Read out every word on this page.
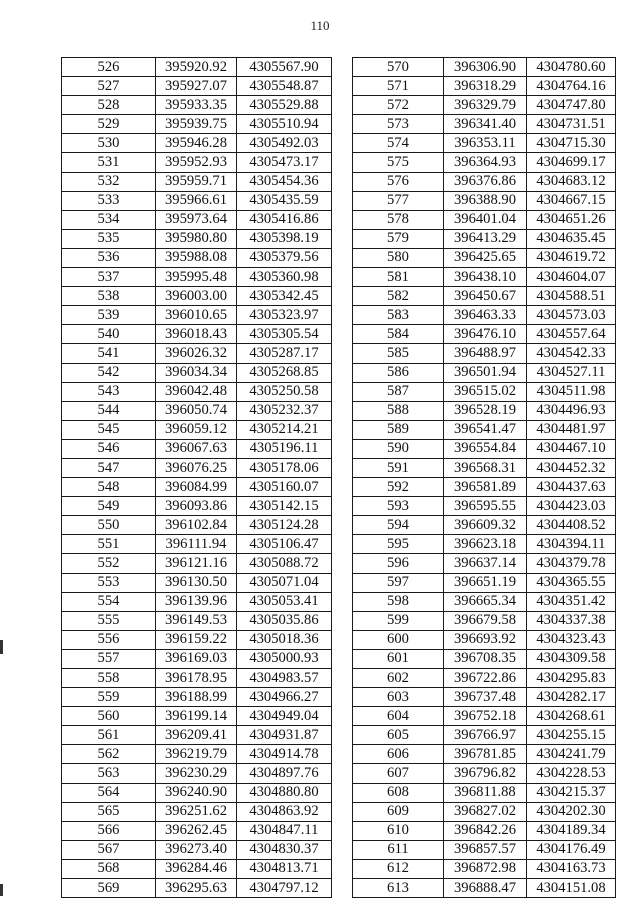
110
526	395920.92	4305567.90
527	395927.07	4305548.87
528	395933.35	4305529.88
529	395939.75	4305510.94
530	395946.28	4305492.03
531	395952.93	4305473.17
532	395959.71	4305454.36
533	395966.61	4305435.59
534	395973.64	4305416.86
535	395980.80	4305398.19
536	395988.08	4305379.56
537	395995.48	4305360.98
538	396003.00	4305342.45
539	396010.65	4305323.97
540	396018.43	4305305.54
541	396026.32	4305287.17
542	396034.34	4305268.85
543	396042.48	4305250.58
544	396050.74	4305232.37
545	396059.12	4305214.21
546	396067.63	4305196.11
547	396076.25	4305178.06
548	396084.99	4305160.07
549	396093.86	4305142.15
550	396102.84	4305124.28
551	396111.94	4305106.47
552	396121.16	4305088.72
553	396130.50	4305071.04
554	396139.96	4305053.41
555	396149.53	4305035.86
556	396159.22	4305018.36
557	396169.03	4305000.93
558	396178.95	4304983.57
559	396188.99	4304966.27
560	396199.14	4304949.04
561	396209.41	4304931.87
562	396219.79	4304914.78
563	396230.29	4304897.76
564	396240.90	4304880.80
565	396251.62	4304863.92
566	396262.45	4304847.11
567	396273.40	4304830.37
568	396284.46	4304813.71
569	396295.63	4304797.12
570	396306.90	4304780.60
571	396318.29	4304764.16
572	396329.79	4304747.80
573	396341.40	4304731.51
574	396353.11	4304715.30
575	396364.93	4304699.17
576	396376.86	4304683.12
577	396388.90	4304667.15
578	396401.04	4304651.26
579	396413.29	4304635.45
580	396425.65	4304619.72
581	396438.10	4304604.07
582	396450.67	4304588.51
583	396463.33	4304573.03
584	396476.10	4304557.64
585	396488.97	4304542.33
586	396501.94	4304527.11
587	396515.02	4304511.98
588	396528.19	4304496.93
589	396541.47	4304481.97
590	396554.84	4304467.10
591	396568.31	4304452.32
592	396581.89	4304437.63
593	396595.55	4304423.03
594	396609.32	4304408.52
595	396623.18	4304394.11
596	396637.14	4304379.78
597	396651.19	4304365.55
598	396665.34	4304351.42
599	396679.58	4304337.38
600	396693.92	4304323.43
601	396708.35	4304309.58
602	396722.86	4304295.83
603	396737.48	4304282.17
604	396752.18	4304268.61
605	396766.97	4304255.15
606	396781.85	4304241.79
607	396796.82	4304228.53
608	396811.88	4304215.37
609	396827.02	4304202.30
610	396842.26	4304189.34
611	396857.57	4304176.49
612	396872.98	4304163.73
613	396888.47	4304151.08
